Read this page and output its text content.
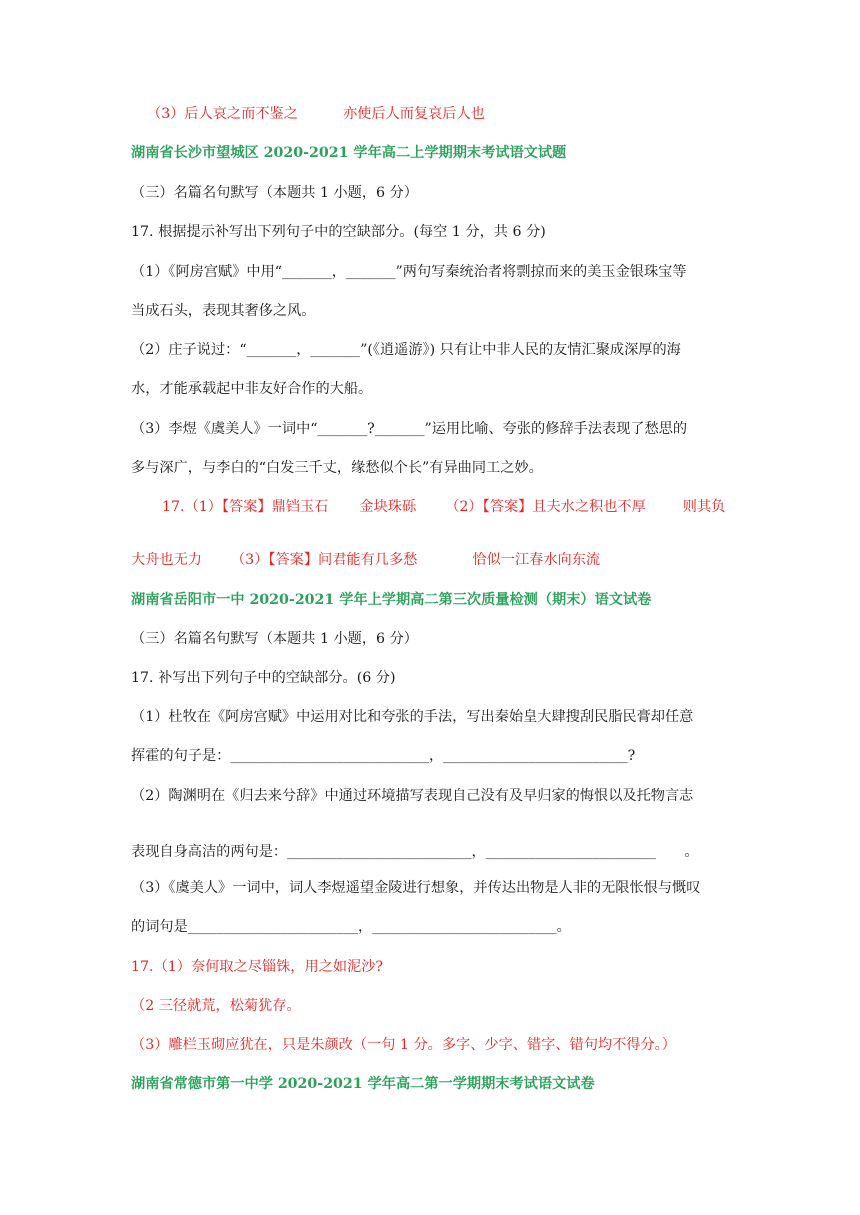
（3）后人哀之而不鉴之	亦使后人而复哀后人也
湖南省长沙市望城区 2020-2021 学年高二上学期期末考试语文试题
（三）名篇名句默写（本题共 1 小题，6 分）
17. 根据提示补写出下列句子中的空缺部分。(每空 1 分，共 6 分)
（1）《阿房宫赋》中用“_______，_______”两句写秦统治者将剽掠而来的美玉金银珠宝等
当成石头，表现其奢侈之风。
（2）庄子说过：“_______，_______”(《逍遥游》) 只有让中非人民的友情汇聚成深厚的海
水，才能承载起中非友好合作的大船。
（3）李煜《虞美人》一词中“_______?_______”运用比喻、夸张的修辞手法表现了愁思的
多与深广，与李白的“白发三千丈，缘愁似个长”有异曲同工之妙。
17.（1）【答案】鼎铛玉石 金块珠砾 （2）【答案】且夫水之积也不厚	则其负
大舟也无力 （3）【答案】问君能有几多愁	恰似一江春水向东流
湖南省岳阳市一中 2020-2021 学年上学期高二第三次质量检测（期末）语文试卷
（三）名篇名句默写（本题共 1 小题，6 分）
17. 补写出下列句子中的空缺部分。(6 分)
（1）杜牧在《阿房宫赋》中运用对比和夸张的手法，写出秦始皇大肆搜刮民脂民膏却任意
挥霍的句子是：____________________________，__________________________?
（2）陶渊明在《归去来兮辞》中通过环境描写表现自己没有及早归家的悔恨以及托物言志
表现自身高洁的两句是：__________________________，________________________　　。
（3）《虞美人》一词中，词人李煜遥望金陵进行想象，并传达出物是人非的无限怅恨与慨叹
的词句是________________________，__________________________。
17.（1）奈何取之尽锱铢，用之如泥沙?
（2 三径就荒，松菊犹存。
（3）雕栏玉砌应犹在，只是朱颜改（一句 1 分。多字、少字、错字、错句均不得分。）
湖南省常德市第一中学 2020-2021 学年高二第一学期期末考试语文试卷
